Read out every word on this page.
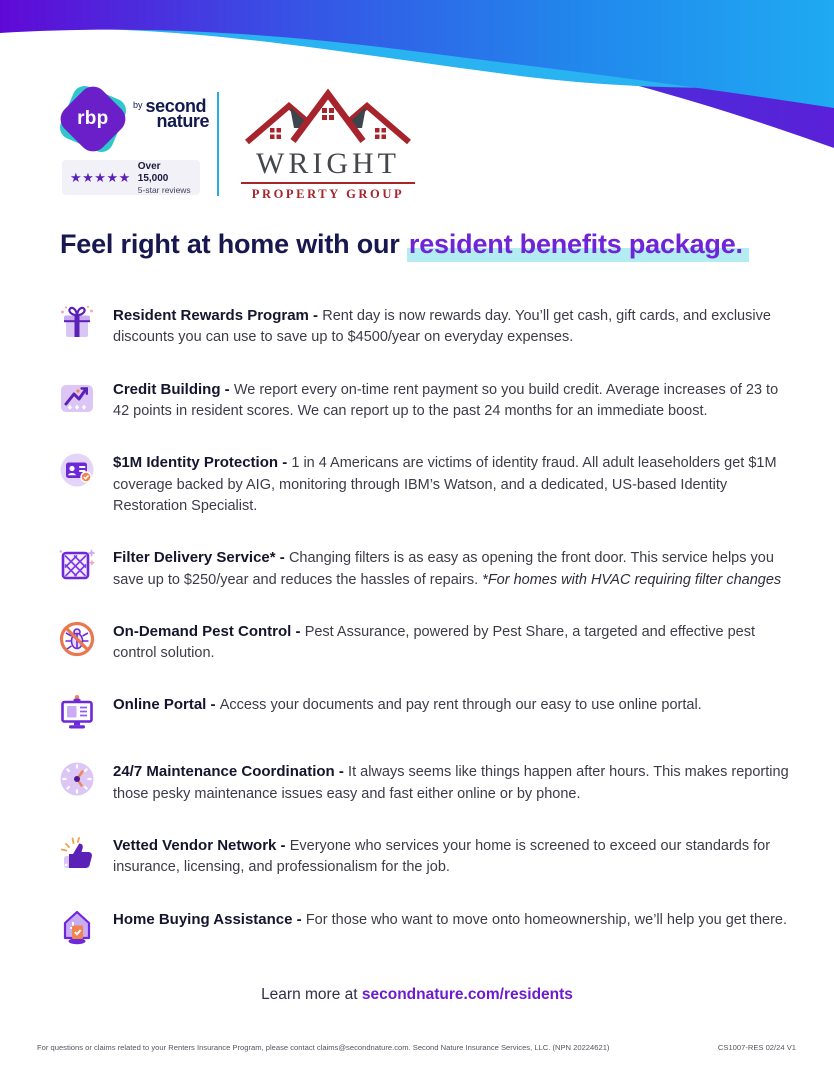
rbp
by second
nature
★★★★★
Over 15,000
5-star reviews
WRIGHT
PROPERTY GROUP
Feel right at home with our resident benefits package.
Resident Rewards Program - Rent day is now rewards day. You’ll get cash, gift cards, and exclusive discounts you can use to save up to $4500/year on everyday expenses.
Credit Building - We report every on-time rent payment so you build credit. Average increases of 23 to 42 points in resident scores. We can report up to the past 24 months for an immediate boost.
$1M Identity Protection - 1 in 4 Americans are victims of identity fraud. All adult leaseholders get $1M coverage backed by AIG, monitoring through IBM’s Watson, and a dedicated, US-based Identity Restoration Specialist.
Filter Delivery Service* - Changing filters is as easy as opening the front door. This service helps you save up to $250/year and reduces the hassles of repairs. *For homes with HVAC requiring filter changes
On-Demand Pest Control - Pest Assurance, powered by Pest Share, a targeted and effective pest control solution.
Online Portal - Access your documents and pay rent through our easy to use online portal.
24/7 Maintenance Coordination - It always seems like things happen after hours. This makes reporting those pesky maintenance issues easy and fast either online or by phone.
Vetted Vendor Network - Everyone who services your home is screened to exceed our standards for insurance, licensing, and professionalism for the job.
Home Buying Assistance - For those who want to move onto homeownership, we’ll help you get there.
Learn more at secondnature.com/residents
For questions or claims related to your Renters Insurance Program, please contact claims@secondnature.com. Second Nature Insurance Services, LLC. (NPN 20224621)	CS1007-RES 02/24 V1
